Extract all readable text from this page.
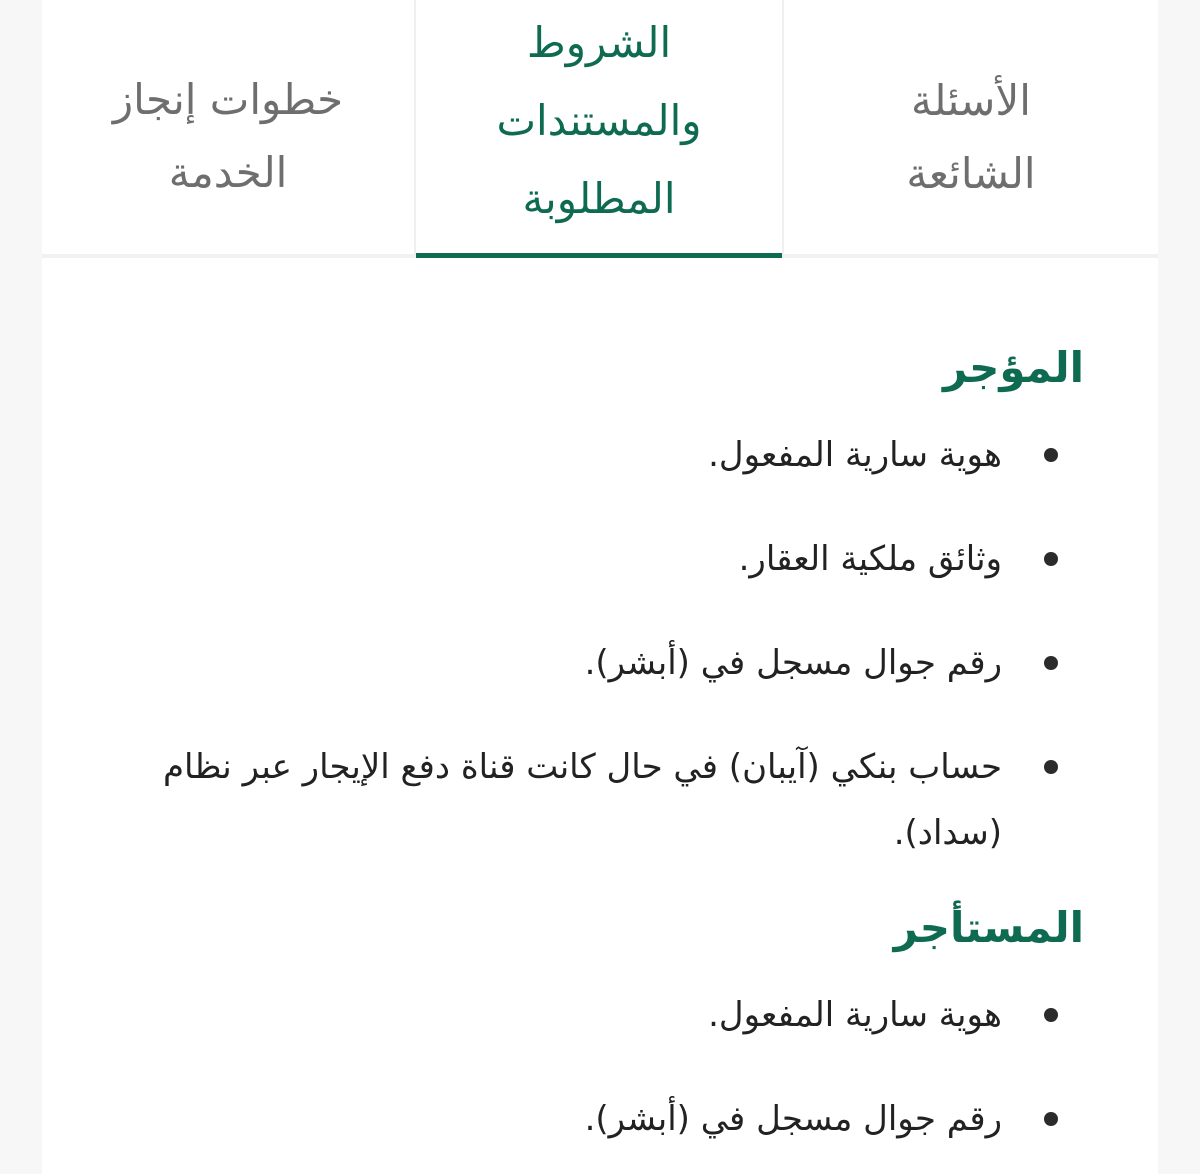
خطوات إنجاز
الخدمة
الشروط
والمستندات
المطلوبة
الأسئلة
الشائعة
المؤجر
هوية سارية المفعول.
وثائق ملكية العقار.
رقم جوال مسجل في (أبشر).
حساب بنكي (آيبان) في حال كانت قناة دفع الإيجار عبر نظام (سداد).
المستأجر
هوية سارية المفعول.
رقم جوال مسجل في (أبشر).
